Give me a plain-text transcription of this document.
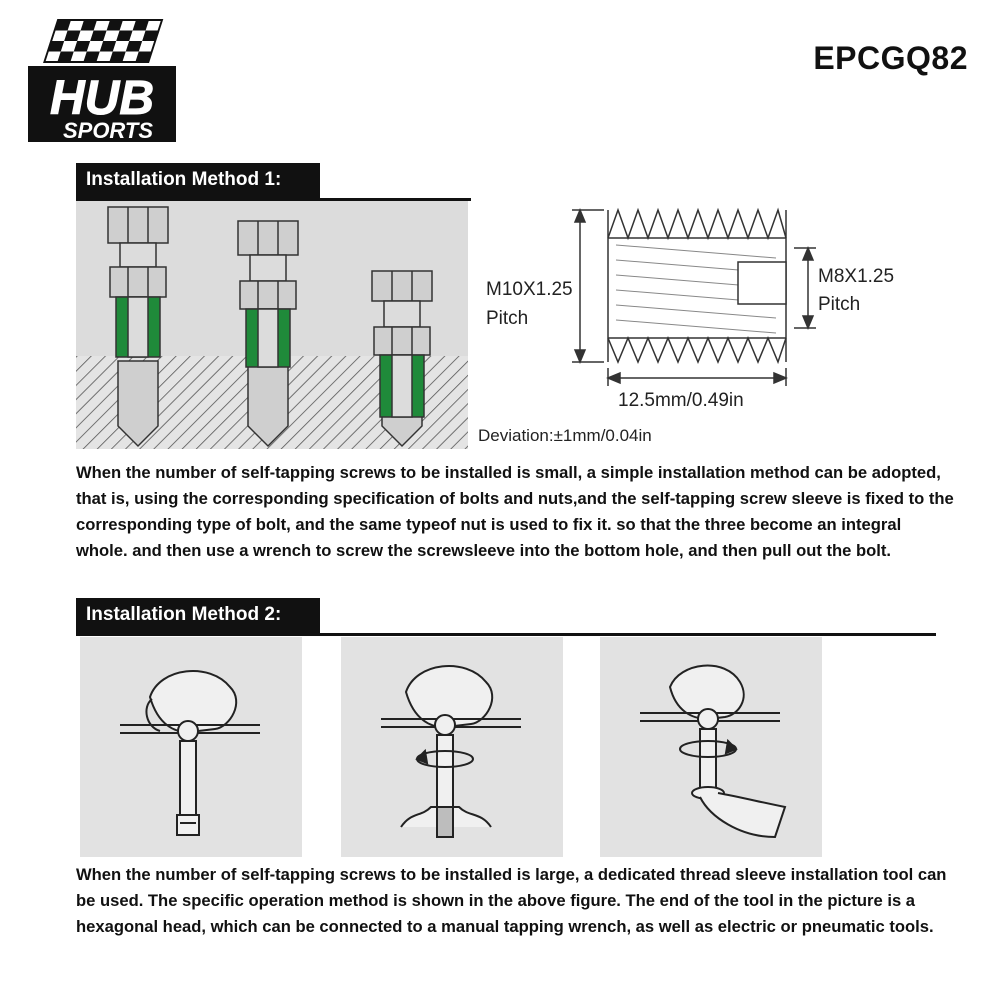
HUB
SPORTS
EPCGQ82
Installation Method 1:
M10X1.25
Pitch
M8X1.25
Pitch
12.5mm/0.49in
Deviation:±1mm/0.04in
When the number of self-tapping screws to be installed is small, a simple installation method can be adopted, that is, using the corresponding specification of bolts and nuts,and the self-tapping screw sleeve is fixed to the corresponding type of bolt, and the same typeof nut is used to fix it. so that the three become an integral whole. and then use a wrench to screw the screwsleeve into the bottom hole, and then pull out the bolt.
Installation Method 2:
When the number of self-tapping screws to be installed is large, a dedicated thread sleeve installation tool can be used. The specific operation method is shown in the above figure. The end of the tool in the picture is a hexagonal head, which can be connected to a manual tapping wrench, as well as electric or pneumatic tools.
